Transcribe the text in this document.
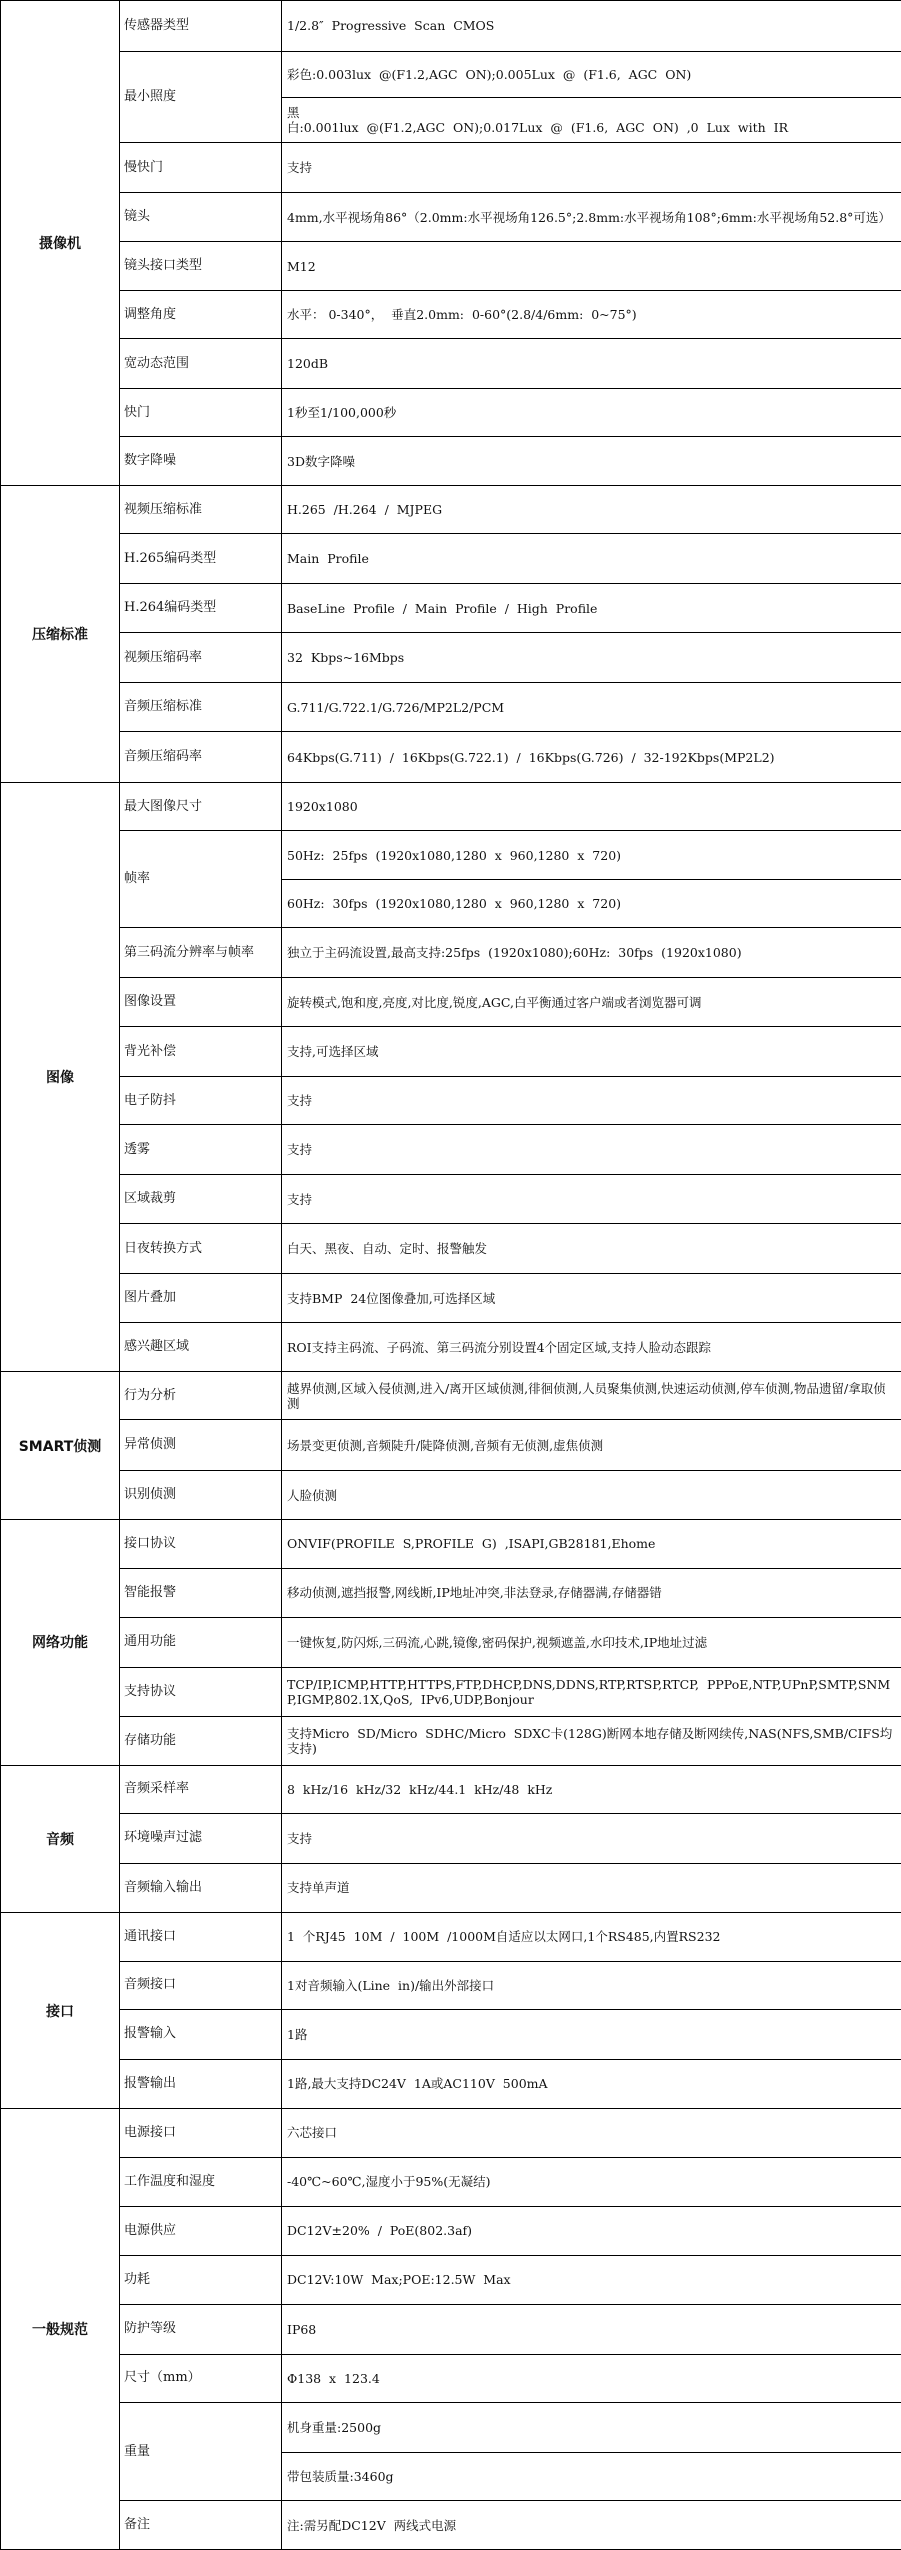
摄像机	传感器类型	1/2.8″  Progressive  Scan  CMOS
	最小照度	彩色:0.003lux  @(F1.2,AGC  ON);0.005Lux  @  (F1.6,  AGC  ON)
		黑
白:0.001lux  @(F1.2,AGC  ON);0.017Lux  @  (F1.6,  AGC  ON)  ,0  Lux  with  IR
	慢快门	支持
	镜头	4mm,水平视场角86°（2.0mm:水平视场角126.5°;2.8mm:水平视场角108°;6mm:水平视场角52.8°可选）
	镜头接口类型	M12
	调整角度	水平： 0-340°，  垂直2.0mm:  0-60°(2.8/4/6mm:  0~75°)
	宽动态范围	120dB
	快门	1秒至1/100,000秒
	数字降噪	3D数字降噪
压缩标准	视频压缩标准	H.265  /H.264  /  MJPEG
	H.265编码类型	Main  Profile
	H.264编码类型	BaseLine  Profile  /  Main  Profile  /  High  Profile
	视频压缩码率	32  Kbps~16Mbps
	音频压缩标准	G.711/G.722.1/G.726/MP2L2/PCM
	音频压缩码率	64Kbps(G.711)  /  16Kbps(G.722.1)  /  16Kbps(G.726)  /  32-192Kbps(MP2L2)
图像	最大图像尺寸	1920x1080
	帧率	50Hz:  25fps  (1920x1080,1280  x  960,1280  x  720)
		60Hz:  30fps  (1920x1080,1280  x  960,1280  x  720)
	第三码流分辨率与帧率	独立于主码流设置,最高支持:25fps  (1920x1080);60Hz:  30fps  (1920x1080)
	图像设置	旋转模式,饱和度,亮度,对比度,锐度,AGC,白平衡通过客户端或者浏览器可调
	背光补偿	支持,可选择区域
	电子防抖	支持
	透雾	支持
	区域裁剪	支持
	日夜转换方式	白天、黑夜、自动、定时、报警触发
	图片叠加	支持BMP  24位图像叠加,可选择区域
	感兴趣区域	ROI支持主码流、子码流、第三码流分别设置4个固定区域,支持人脸动态跟踪
SMART侦测	行为分析	越界侦测,区域入侵侦测,进入/离开区域侦测,徘徊侦测,人员聚集侦测,快速运动侦测,停车侦测,物品遗留/拿取侦测
	异常侦测	场景变更侦测,音频陡升/陡降侦测,音频有无侦测,虚焦侦测
	识别侦测	人脸侦测
网络功能	接口协议	ONVIF(PROFILE  S,PROFILE  G)  ,ISAPI,GB28181,Ehome
	智能报警	移动侦测,遮挡报警,网线断,IP地址冲突,非法登录,存储器满,存储器错
	通用功能	一键恢复,防闪烁,三码流,心跳,镜像,密码保护,视频遮盖,水印技术,IP地址过滤
	支持协议	TCP/IP,ICMP,HTTP,HTTPS,FTP,DHCP,DNS,DDNS,RTP,RTSP,RTCP,  PPPoE,NTP,UPnP,SMTP,SNMP,IGMP,802.1X,QoS,  IPv6,UDP,Bonjour
	存储功能	支持Micro  SD/Micro  SDHC/Micro  SDXC卡(128G)断网本地存储及断网续传,NAS(NFS,SMB/CIFS均支持)
音频	音频采样率	8  kHz/16  kHz/32  kHz/44.1  kHz/48  kHz
	环境噪声过滤	支持
	音频输入输出	支持单声道
接口	通讯接口	1  个RJ45  10M  /  100M  /1000M自适应以太网口,1个RS485,内置RS232
	音频接口	1对音频输入(Line  in)/输出外部接口
	报警输入	1路
	报警输出	1路,最大支持DC24V  1A或AC110V  500mA
一般规范	电源接口	六芯接口
	工作温度和湿度	-40℃~60℃,湿度小于95%(无凝结)
	电源供应	DC12V±20%  /  PoE(802.3af)
	功耗	DC12V:10W  Max;POE:12.5W  Max
	防护等级	IP68
	尺寸（mm）	Φ138  x  123.4
	重量	机身重量:2500g
		带包装质量:3460g
	备注	注:需另配DC12V  两线式电源
